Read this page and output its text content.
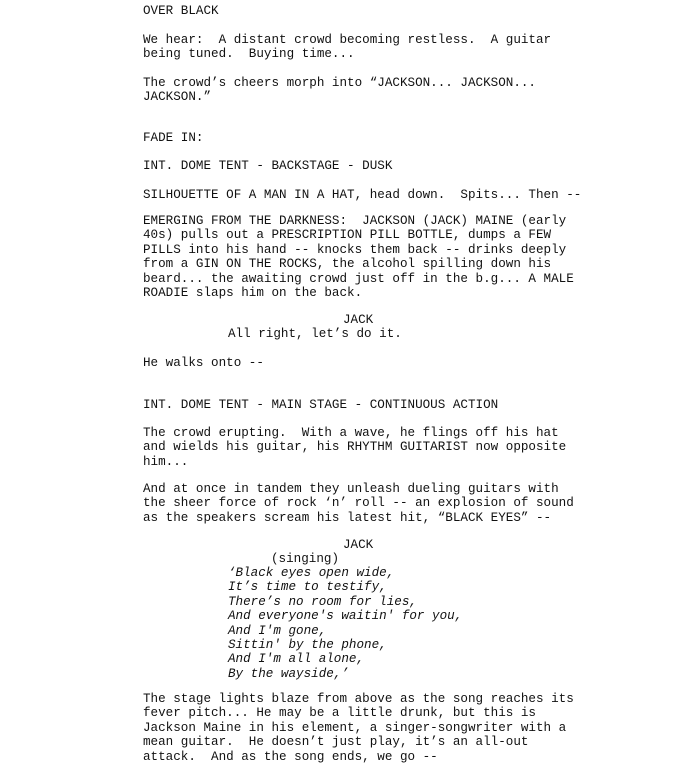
OVER BLACK
We hear:  A distant crowd becoming restless.  A guitar
being tuned.  Buying time...
The crowd’s cheers morph into “JACKSON... JACKSON...
JACKSON.”
FADE IN:
INT. DOME TENT - BACKSTAGE - DUSK
SILHOUETTE OF A MAN IN A HAT, head down.  Spits... Then --
EMERGING FROM THE DARKNESS:  JACKSON (JACK) MAINE (early
40s) pulls out a PRESCRIPTION PILL BOTTLE, dumps a FEW
PILLS into his hand -- knocks them back -- drinks deeply
from a GIN ON THE ROCKS, the alcohol spilling down his
beard... the awaiting crowd just off in the b.g... A MALE
ROADIE slaps him on the back.
JACK
All right, let’s do it.
He walks onto --
INT. DOME TENT - MAIN STAGE - CONTINUOUS ACTION
The crowd erupting.  With a wave, he flings off his hat
and wields his guitar, his RHYTHM GUITARIST now opposite
him...
And at once in tandem they unleash dueling guitars with
the sheer force of rock ‘n’ roll -- an explosion of sound
as the speakers scream his latest hit, “BLACK EYES” --
JACK
(singing)
‘Black eyes open wide,
It’s time to testify,
There’s no room for lies,
And everyone's waitin' for you,
And I'm gone,
Sittin' by the phone,
And I'm all alone,
By the wayside,’
The stage lights blaze from above as the song reaches its
fever pitch... He may be a little drunk, but this is
Jackson Maine in his element, a singer-songwriter with a
mean guitar.  He doesn’t just play, it’s an all-out
attack.  And as the song ends, we go --
